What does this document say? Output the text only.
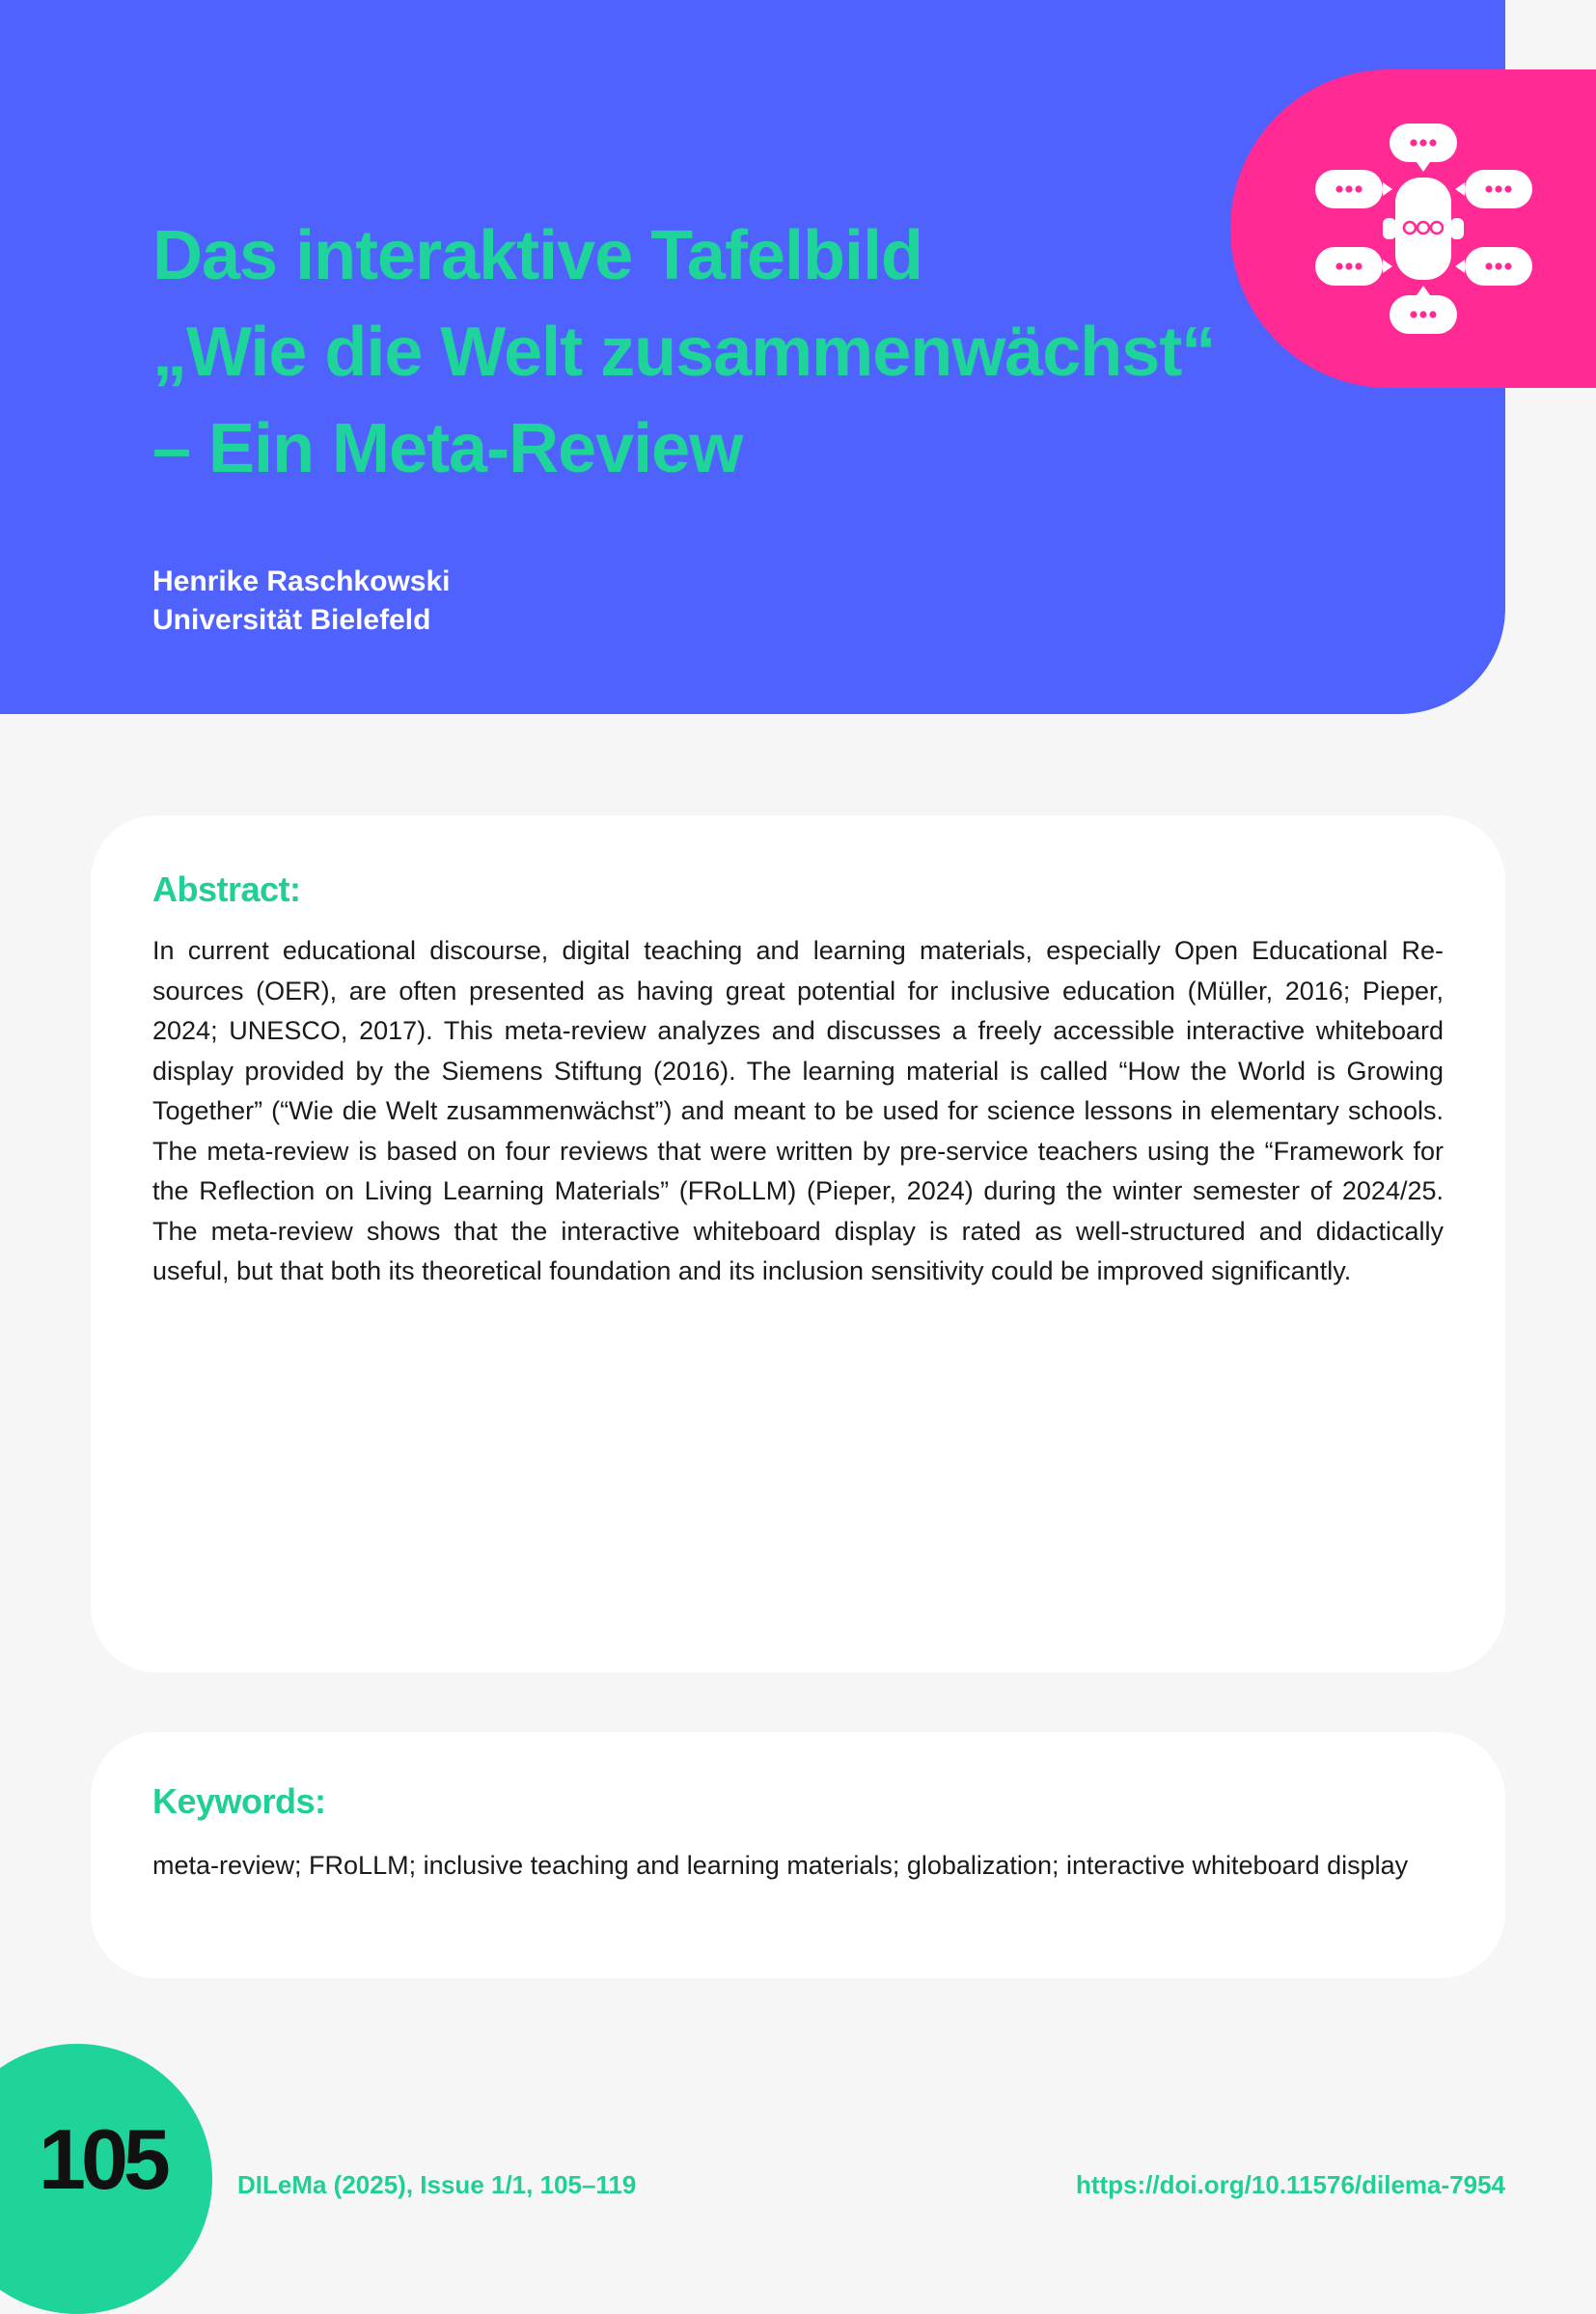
Das interaktive Tafelbild
„Wie die Welt zusammenwächst“
– Ein Meta-Review
Henrike Raschkowski
Universität Bielefeld
Abstract:

In current educational discourse, digital teaching and learning materials, especially Open Educational Resources (OER), are often presented as having great potential for inclusive education (Müller, 2016; Pieper, 2024; UNESCO, 2017). This meta-review analyzes and discusses a freely accessible interactive whiteboard display provided by the Siemens Stiftung (2016). The learning material is called “How the World is Growing Together” (“Wie die Welt zusammenwächst”) and meant to be used for science lessons in elementary schools. The meta-review is based on four reviews that were written by pre-service teachers using the “Framework for the Reflection on Living Learning Materials” (FRoLLM) (Pieper, 2024) during the winter semester of 2024/25. The meta-review shows that the interactive whiteboard display is rated as well-structured and didactically useful, but that both its theoretical foundation and its inclusion sensitivity could be improved significantly.

Keywords:

meta-review; FRoLLM; inclusive teaching and learning materials; globalization; interactive whiteboard display

105	DILeMa (2025), Issue 1/1, 105–119	https://doi.org/10.11576/dilema-7954
